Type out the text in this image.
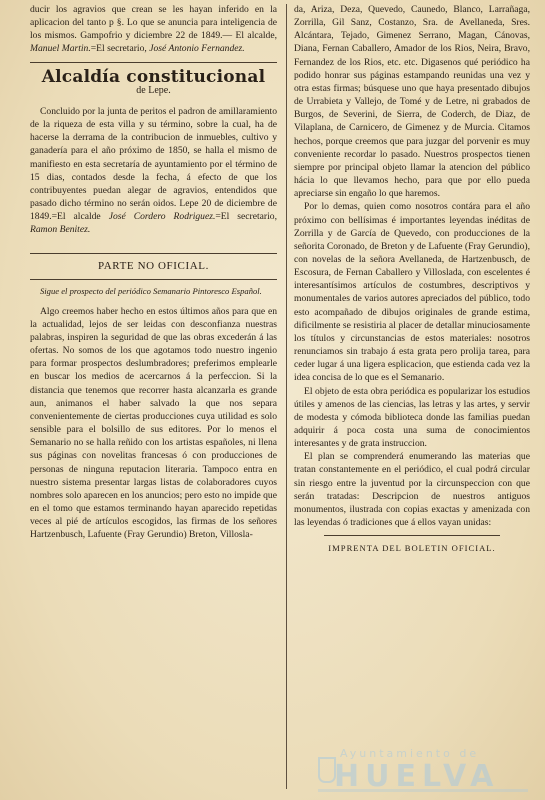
ducir los agravios que crean se les hayan inferido en la aplicacion del tanto p §. Lo que se anuncia para inteligencia de los mismos. Gampofrio y diciembre 22 de 1849.— El alcalde, Manuel Martin.=El secretario, José Antonio Fernandez.

Alcaldía constitucional
de Lepe.

Concluido por la junta de peritos el padron de amillaramiento de la riqueza de esta villa y su término, sobre la cual, ha de hacerse la derrama de la contribucion de inmuebles, cultivo y ganadería para el año próximo de 1850, se halla el mismo de manifiesto en esta secretaría de ayuntamiento por el término de 15 dias, contados desde la fecha, á efecto de que los contribuyentes puedan alegar de agravios, entendidos que pasado dicho término no serán oidos. Lepe 20 de diciembre de 1849.=El alcalde José Cordero Rodriguez.=El secretario, Ramon Benitez.

PARTE NO OFICIAL.

Sigue el prospecto del periódico Semanario Pintoresco Español.

Algo creemos haber hecho en estos últimos años para que en la actualidad, lejos de ser leidas con desconfianza nuestras palabras, inspiren la seguridad de que las obras excederán á las ofertas. No somos de los que agotamos todo nuestro ingenio para formar prospectos deslumbradores; preferimos emplearle en buscar los medios de acercarnos á la perfeccion. Si la distancia que tenemos que recorrer hasta alcanzarla es grande aun, animanos el haber salvado la que nos separa convenientemente de ciertas producciones cuya utilidad es solo sensible para el bolsillo de sus editores. Por lo menos el Semanario no se halla reñido con los artistas españoles, ni llena sus páginas con novelitas francesas ó con producciones de personas de ninguna reputacion literaria. Tampoco entra en nuestro sistema presentar largas listas de colaboradores cuyos nombres solo aparecen en los anuncios; pero esto no impide que en el tomo que estamos terminando hayan aparecido repetidas veces al pié de artículos escogidos, las firmas de los señores Hartzenbusch, Lafuente (Fray Gerundio) Breton, Villosla-

da, Ariza, Deza, Quevedo, Caunedo, Blanco, Larrañaga, Zorrilla, Gil Sanz, Costanzo, Sra. de Avellaneda, Sres. Alcántara, Tejado, Gimenez Serrano, Magan, Cánovas, Diana, Fernan Caballero, Amador de los Rios, Neira, Bravo, Fernandez de los Rios, etc. etc. Digasenos qué periódico ha podido honrar sus páginas estampando reunidas una vez y otra estas firmas; búsquese uno que haya presentado dibujos de Urrabieta y Vallejo, de Tomé y de Letre, ni grabados de Burgos, de Severini, de Sierra, de Coderch, de Diaz, de Vilaplana, de Carnicero, de Gimenez y de Murcia. Citamos hechos, porque creemos que para juzgar del porvenir es muy conveniente recordar lo pasado. Nuestros prospectos tienen siempre por principal objeto llamar la atencion del público hácia lo que llevamos hecho, para que por ello pueda apreciarse sin engaño lo que haremos.

Por lo demas, quien como nosotros contára para el año próximo con bellísimas é importantes leyendas inéditas de Zorrilla y de García de Quevedo, con producciones de la señorita Coronado, de Breton y de Lafuente (Fray Gerundio), con novelas de la señora Avellaneda, de Hartzenbusch, de Escosura, de Fernan Caballero y Villoslada, con escelentes é interesantísimos artículos de costumbres, descriptivos y monumentales de varios autores apreciados del público, todo esto acompañado de dibujos originales de grande estima, dificilmente se resistiria al placer de detallar minuciosamente los títulos y circunstancias de estos materiales: nosotros renunciamos sin trabajo á esta grata pero prolija tarea, para ceder lugar á una ligera esplicacion, que estienda cada vez la idea concisa de lo que es el Semanario.

El objeto de esta obra periódica es popularizar los estudios útiles y amenos de las ciencias, las letras y las artes, y servir de modesta y cómoda biblioteca donde las familias puedan adquirir á poca costa una suma de conocimientos interesantes y de grata instruccion.

El plan se comprenderá enumerando las materias que tratan constantemente en el periódico, el cual podrá circular sin riesgo entre la juventud por la circunspeccion con que serán tratadas: Descripcion de nuestros antiguos monumentos, ilustrada con copias exactas y amenizada con las leyendas ó tradiciones que á ellos vayan unidas:

IMPRENTA DEL BOLETIN OFICIAL.
Ayuntamiento de
HUELVA
